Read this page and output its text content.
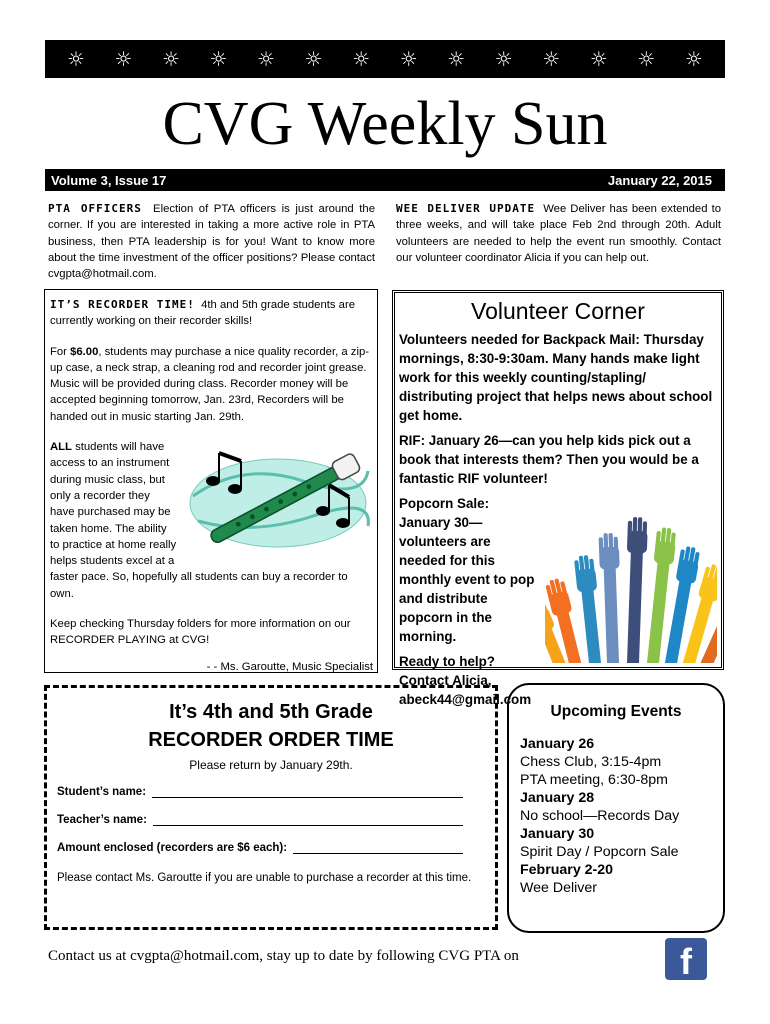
☼ ☼ ☼ ☼ ☼ ☼ ☼ ☼ ☼ ☼ ☼ ☼ ☼ ☼
CVG Weekly Sun
Volume 3, Issue 17	January 22, 2015
PTA OFFICERS Election of PTA officers is just around the corner. If you are interested in taking a more active role in PTA business, then PTA leadership is for you! Want to know more about the time investment of the officer positions? Please contact cvgpta@hotmail.com.
WEE DELIVER UPDATE Wee Deliver has been extended to three weeks, and will take place Feb 2nd through 20th. Adult volunteers are needed to help the event run smoothly. Contact our volunteer coordinator Alicia if you can help out.

IT’S RECORDER TIME! 4th and 5th grade students are currently working on their recorder skills!

For $6.00, students may purchase a nice quality recorder, a zip-up case, a neck strap, a cleaning rod and recorder joint grease. Music will be provided during class. Recorder money will be accepted beginning tomorrow, Jan. 23rd, Recorders will be handed out in music starting Jan. 29th.

ALL students will have access to an instrument during music class, but only a recorder they have purchased may be taken home. The ability to practice at home really helps students excel at a faster pace. So, hopefully all students can buy a recorder to own.

Keep checking Thursday folders for more information on our RECORDER PLAYING at CVG!

- - Ms. Garoutte, Music Specialist

Volunteer Corner

Volunteers needed for Backpack Mail: Thursday mornings, 8:30-9:30am. Many hands make light work for this weekly counting/stapling/ distributing project that helps news about school get home.

RIF: January 26—can you help kids pick out a book that interests them? Then you would be a fantastic RIF volunteer!

Popcorn Sale: January 30—volunteers are needed for this monthly event to pop and distribute popcorn in the morning.

Ready to help?
Contact Alicia,
abeck44@gmail.com

It’s 4th and 5th Grade
RECORDER ORDER TIME
Please return by January 29th.
Student’s name:
Teacher’s name:
Amount enclosed (recorders are $6 each):
Please contact Ms. Garoutte if you are unable to purchase a recorder at this time.
Upcoming Events
January 26
Chess Club, 3:15-4pm
PTA meeting, 6:30-8pm
January 28
No school—Records Day
January 30
Spirit Day / Popcorn Sale
February 2-20
Wee Deliver
Contact us at cvgpta@hotmail.com, stay up to date by following CVG PTA on	f
